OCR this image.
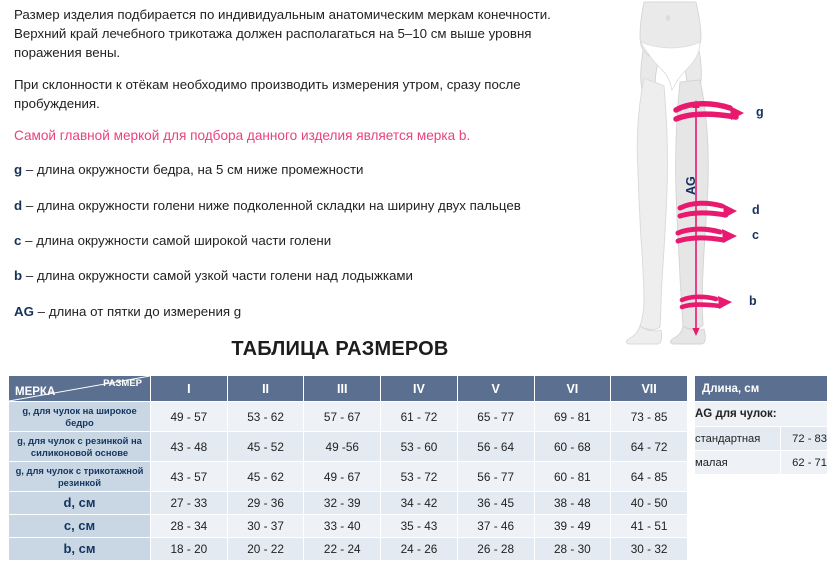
Размер изделия подбирается по индивидуальным анатомическим меркам конечности. Верхний край лечебного трикотажа должен располагаться на 5–10 см выше уровня поражения вены.

При склонности к отёкам необходимо производить измерения утром, сразу после пробуждения.

Самой главной меркой для подбора данного изделия является мерка b.

g – длина окружности бедра, на 5 см ниже промежности

d – длина окружности голени ниже подколенной складки на ширину двух пальцев

c – длина окружности самой широкой части голени

b – длина окружности самой узкой части голени над лодыжками

AG – длина от пятки до измерения g

g
d
c
b
AG
ТАБЛИЦА РАЗМЕРОВ
РАЗМЕР
МЕРКА	I	II	III	IV	V	VI	VII
g, для чулок на широкое бедро	49 - 57	53 - 62	57 - 67	61 - 72	65 - 77	69 - 81	73 - 85
g, для чулок с резинкой на силиконовой основе	43 - 48	45 - 52	49 -56	53 - 60	56 - 64	60 - 68	64 - 72
g, для чулок с трикотажной резинкой	43 - 57	45 - 62	49 - 67	53 - 72	56 - 77	60 - 81	64 - 85
d, см	27 - 33	29 - 36	32 - 39	34 - 42	36 - 45	38 - 48	40 - 50
c, см	28 - 34	30 - 37	33 - 40	35 - 43	37 - 46	39 - 49	41 - 51
b, см	18 - 20	20 - 22	22 - 24	24 - 26	26 - 28	28 - 30	30 - 32
Длина, см	
AG для чулок:	
стандартная	72 - 83
малая	62 - 71
